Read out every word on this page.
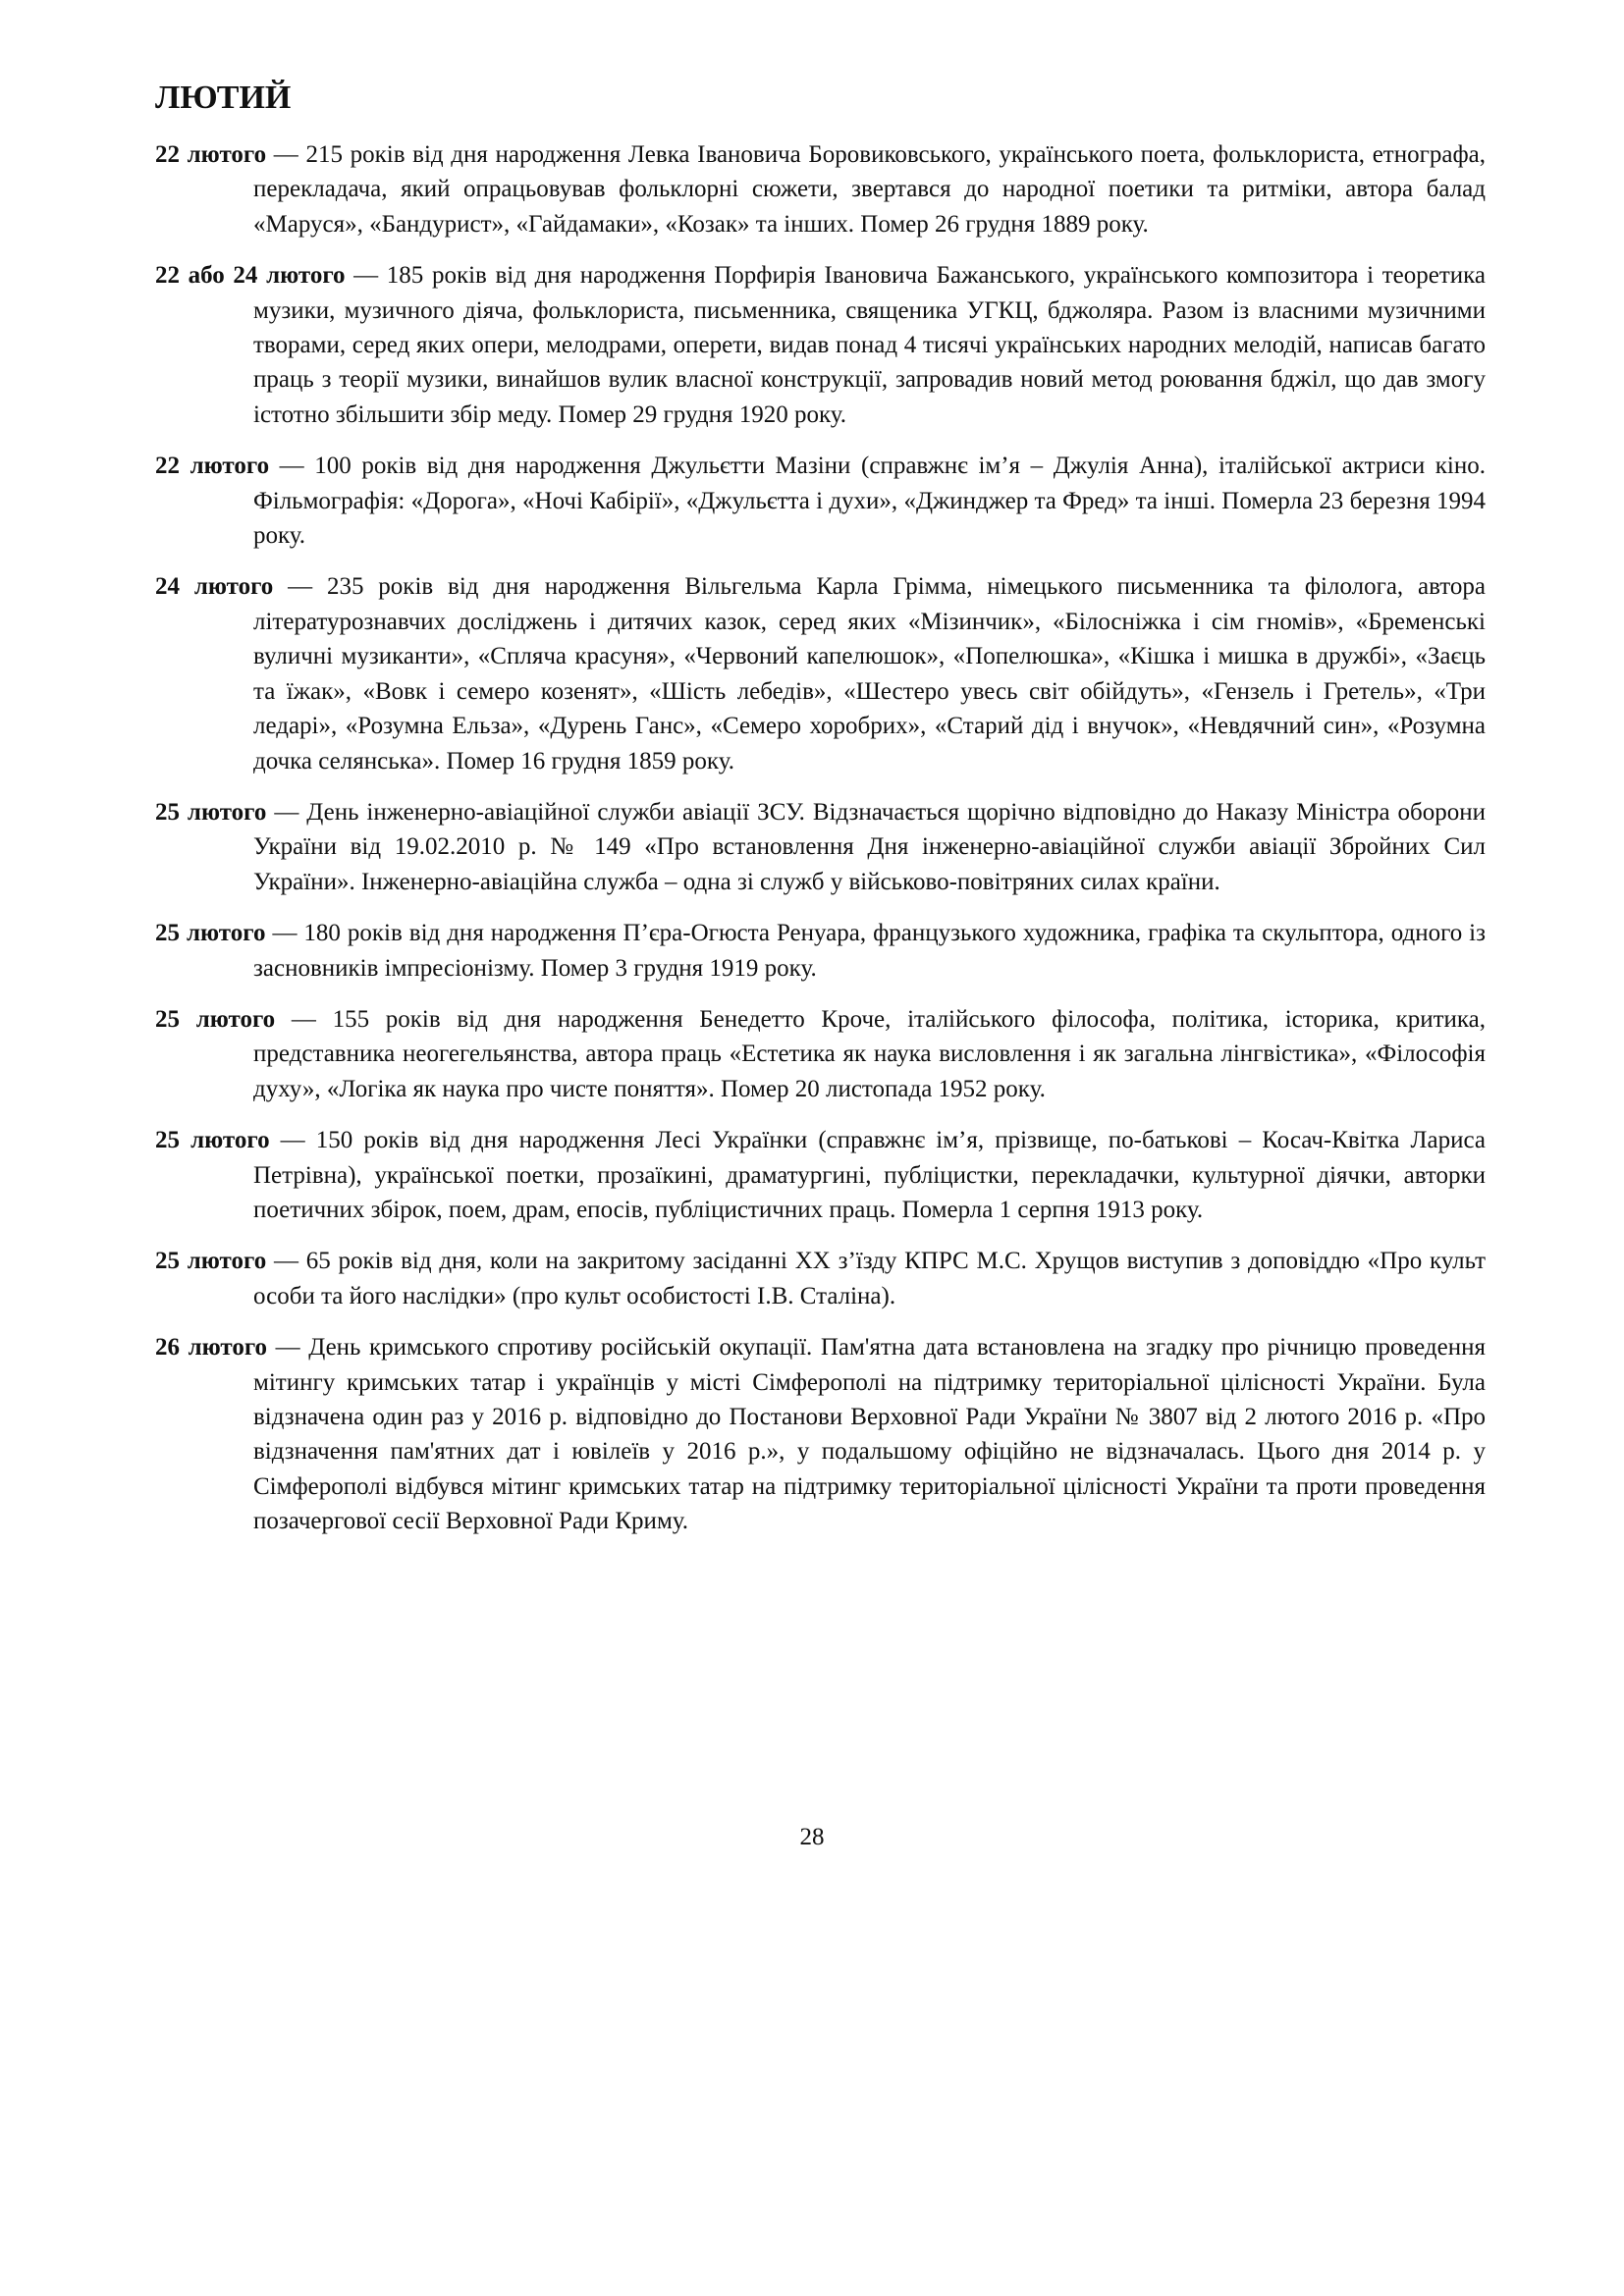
ЛЮТИЙ

22 лютого — 215 років від дня народження Левка Івановича Боровиковського, українського поета, фольклориста, етнографа, перекладача, який опрацьовував фольклорні сюжети, звертався до народної поетики та ритміки, автора балад «Маруся», «Бандурист», «Гайдамаки», «Козак» та інших. Помер 26 грудня 1889 року.

22 або 24 лютого — 185 років від дня народження Порфирія Івановича Бажанського, українського композитора і теоретика музики, музичного діяча, фольклориста, письменника, священика УГКЦ, бджоляра. Разом із власними музичними творами, серед яких опери, мелодрами, оперети, видав понад 4 тисячі українських народних мелодій, написав багато праць з теорії музики, винайшов вулик власної конструкції, запровадив новий метод роювання бджіл, що дав змогу істотно збільшити збір меду. Помер 29 грудня 1920 року.

22 лютого — 100 років від дня народження Джульєтти Мазіни (справжнє ім’я – Джулія Анна), італійської актриси кіно. Фільмографія: «Дорога», «Ночі Кабірії», «Джульєтта і духи», «Джинджер та Фред» та інші. Померла 23 березня 1994 року.

24 лютого — 235 років від дня народження Вільгельма Карла Грімма, німецького письменника та філолога, автора літературознавчих досліджень і дитячих казок, серед яких «Мізинчик», «Білосніжка і сім гномів», «Бременські вуличні музиканти», «Спляча красуня», «Червоний капелюшок», «Попелюшка», «Кішка і мишка в дружбі», «Заєць та їжак», «Вовк і семеро козенят», «Шість лебедів», «Шестеро увесь світ обійдуть», «Гензель і Гретель», «Три ледарі», «Розумна Ельза», «Дурень Ганс», «Семеро хоробрих», «Старий дід і внучок», «Невдячний син», «Розумна дочка селянська». Помер 16 грудня 1859 року.

25 лютого — День інженерно-авіаційної служби авіації ЗСУ. Відзначається щорічно відповідно до Наказу Міністра оборони України від 19.02.2010 р. № 149 «Про встановлення Дня інженерно-авіаційної служби авіації Збройних Сил України». Інженерно-авіаційна служба – одна зі служб у військово-повітряних силах країни.

25 лютого — 180 років від дня народження П’єра-Огюста Ренуара, французького художника, графіка та скульптора, одного із засновників імпресіонізму. Помер 3 грудня 1919 року.

25 лютого — 155 років від дня народження Бенедетто Кроче, італійського філософа, політика, історика, критика, представника неогегельянства, автора праць «Естетика як наука висловлення і як загальна лінгвістика», «Філософія духу», «Логіка як наука про чисте поняття». Помер 20 листопада 1952 року.

25 лютого — 150 років від дня народження Лесі Українки (справжнє ім’я, прізвище, по-батькові – Косач-Квітка Лариса Петрівна), української поетки, прозаїкині, драматургині, публіцистки, перекладачки, культурної діячки, авторки поетичних збірок, поем, драм, епосів, публіцистичних праць. Померла 1 серпня 1913 року.

25 лютого — 65 років від дня, коли на закритому засіданні ХХ з’їзду КПРС М.С. Хрущов виступив з доповіддю «Про культ особи та його наслідки» (про культ особистості І.В. Сталіна).

26 лютого — День кримського спротиву російській окупації. Пам'ятна дата встановлена на згадку про річницю проведення мітингу кримських татар і українців у місті Сімферополі на підтримку територіальної цілісності України. Була відзначена один раз у 2016 р. відповідно до Постанови Верховної Ради України № 3807 від 2 лютого 2016 р. «Про відзначення пам'ятних дат і ювілеїв у 2016 р.», у подальшому офіційно не відзначалась. Цього дня 2014 р. у Сімферополі відбувся мітинг кримських татар на підтримку територіальної цілісності України та проти проведення позачергової сесії Верховної Ради Криму.

28
